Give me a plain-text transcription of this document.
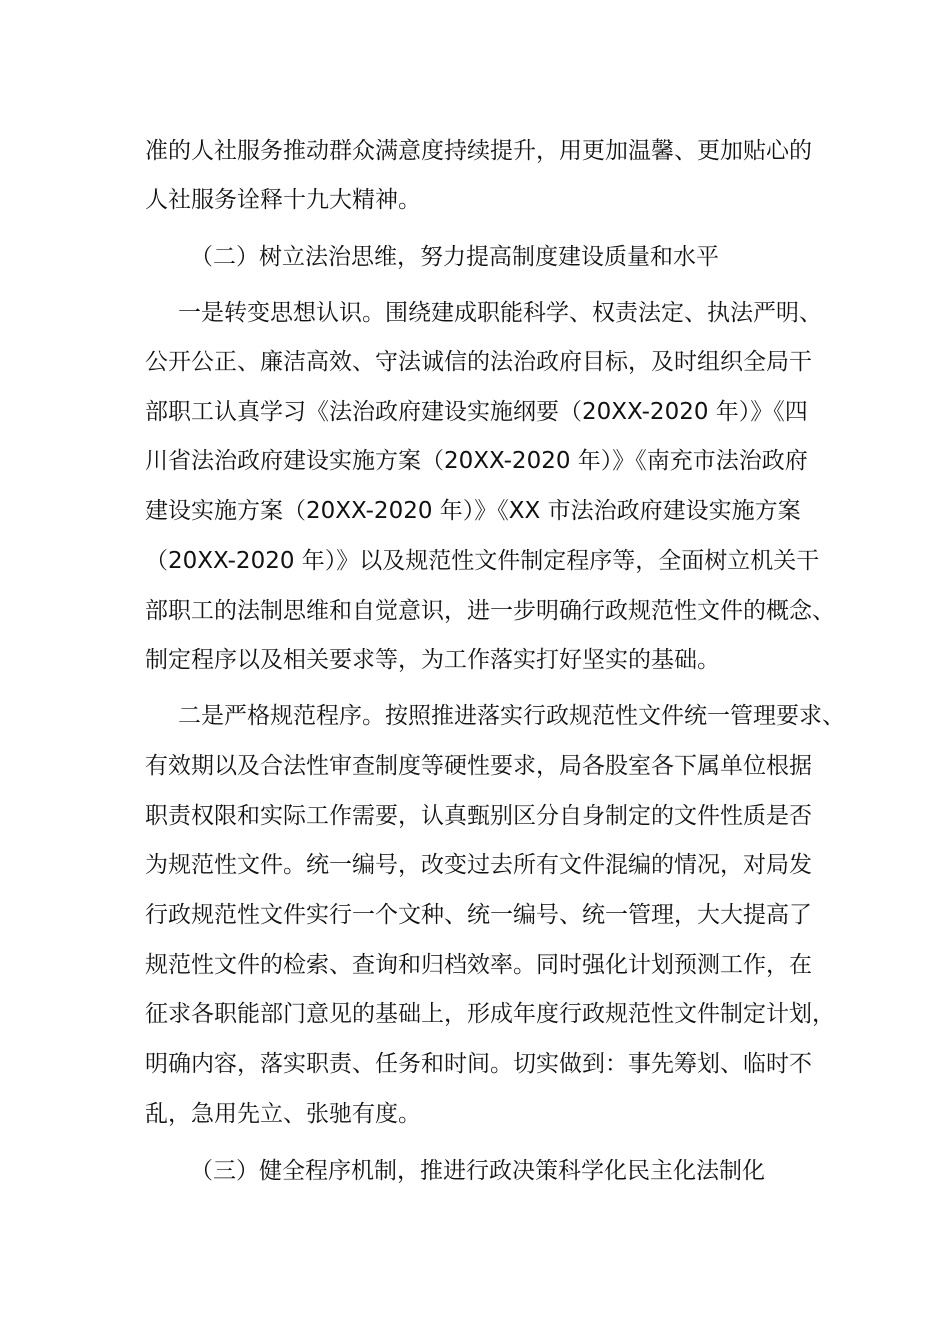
准的人社服务推动群众满意度持续提升，用更加温馨、更加贴心的
人社服务诠释十九大精神。
（二）树立法治思维，努力提高制度建设质量和水平
一是转变思想认识。围绕建成职能科学、权责法定、执法严明、
公开公正、廉洁高效、守法诚信的法治政府目标，及时组织全局干
部职工认真学习《法治政府建设实施纲要（20XX-2020 年）》《四
川省法治政府建设实施方案（20XX-2020 年）》《南充市法治政府
建设实施方案（20XX-2020 年）》《XX 市法治政府建设实施方案
（20XX-2020 年）》以及规范性文件制定程序等，全面树立机关干
部职工的法制思维和自觉意识，进一步明确行政规范性文件的概念、
制定程序以及相关要求等，为工作落实打好坚实的基础。
二是严格规范程序。按照推进落实行政规范性文件统一管理要求、
有效期以及合法性审查制度等硬性要求，局各股室各下属单位根据
职责权限和实际工作需要，认真甄别区分自身制定的文件性质是否
为规范性文件。统一编号，改变过去所有文件混编的情况，对局发
行政规范性文件实行一个文种、统一编号、统一管理，大大提高了
规范性文件的检索、查询和归档效率。同时强化计划预测工作，在
征求各职能部门意见的基础上，形成年度行政规范性文件制定计划，
明确内容，落实职责、任务和时间。切实做到：事先筹划、临时不
乱，急用先立、张驰有度。
（三）健全程序机制，推进行政决策科学化民主化法制化
